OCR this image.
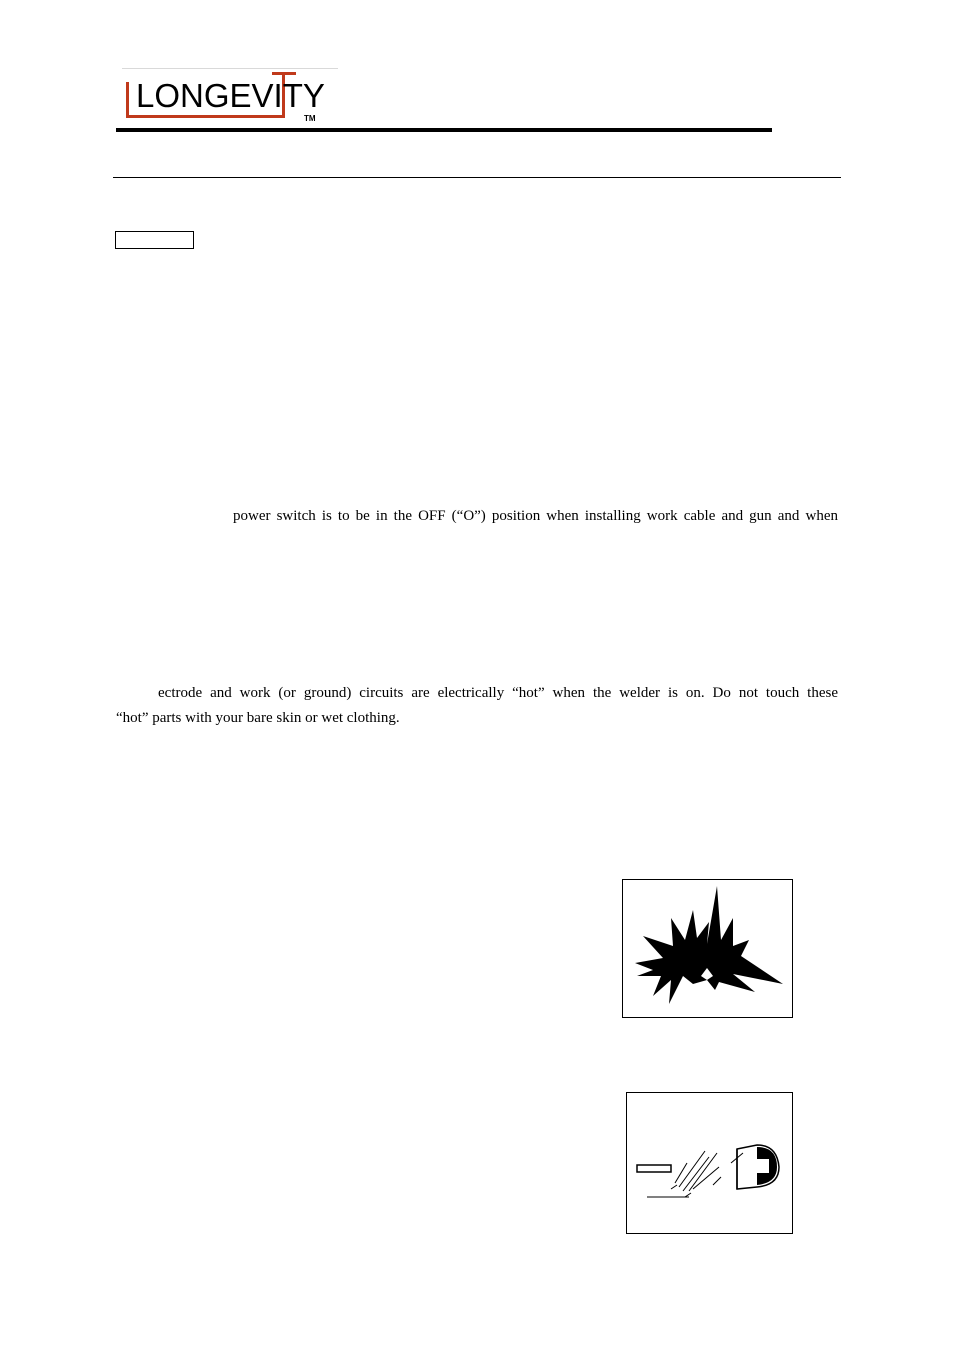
LONGEVITY
TM
power switch is to be in the OFF (“O”) position when installing work cable and gun and when
ectrode and work (or ground) circuits are electrically “hot” when the welder is on. Do not touch these
“hot” parts with your bare skin or wet clothing.
